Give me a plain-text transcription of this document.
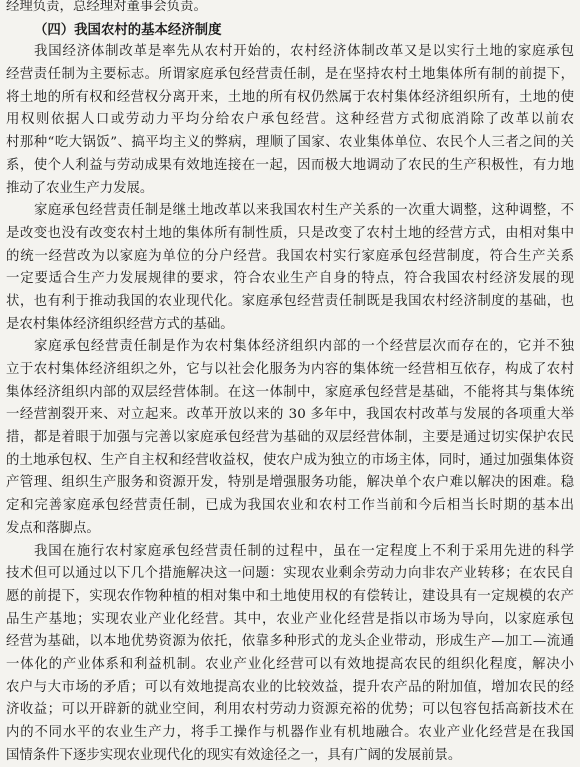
经理负责，总经理对董事会负责。
（四）我国农村的基本经济制度
我国经济体制改革是率先从农村开始的，农村经济体制改革又是以实行土地的家庭承包
经营责任制为主要标志。所谓家庭承包经营责任制，是在坚持农村土地集体所有制的前提下，
将土地的所有权和经营权分离开来，土地的所有权仍然属于农村集体经济组织所有，土地的使
用权则依据人口或劳动力平均分给农户承包经营。这种经营方式彻底消除了改革以前农
村那种“吃大锅饭”、搞平均主义的弊病，理顺了国家、农业集体单位、农民个人三者之间的关
系，使个人利益与劳动成果有效地连接在一起，因而极大地调动了农民的生产积极性，有力地
推动了农业生产力发展。
家庭承包经营责任制是继土地改革以来我国农村生产关系的一次重大调整，这种调整，不
是改变也没有改变农村土地的集体所有制性质，只是改变了农村土地的经营方式，由相对集中
的统一经营改为以家庭为单位的分户经营。我国农村实行家庭承包经营制度，符合生产关系
一定要适合生产力发展规律的要求，符合农业生产自身的特点，符合我国农村经济发展的现
状，也有利于推动我国的农业现代化。家庭承包经营责任制既是我国农村经济制度的基础，也
是农村集体经济组织经营方式的基础。
家庭承包经营责任制是作为农村集体经济组织内部的一个经营层次而存在的，它并不独
立于农村集体经济组织之外，它与以社会化服务为内容的集体统一经营相互依存，构成了农村
集体经济组织内部的双层经营体制。在这一体制中，家庭承包经营是基础，不能将其与集体统
一经营割裂开来、对立起来。改革开放以来的 30 多年中，我国农村改革与发展的各项重大举
措，都是着眼于加强与完善以家庭承包经营为基础的双层经营体制，主要是通过切实保护农民
的土地承包权、生产自主权和经营收益权，使农户成为独立的市场主体，同时，通过加强集体资
产管理、组织生产服务和资源开发，特别是增强服务功能，解决单个农户难以解决的困难。稳
定和完善家庭承包经营责任制，已成为我国农业和农村工作当前和今后相当长时期的基本出
发点和落脚点。
我国在施行农村家庭承包经营责任制的过程中，虽在一定程度上不利于采用先进的科学
技术但可以通过以下几个措施解决这一问题：实现农业剩余劳动力向非农产业转移；在农民自
愿的前提下，实现农作物种植的相对集中和土地使用权的有偿转让，建设具有一定规模的农产
品生产基地；实现农业产业化经营。其中，农业产业化经营是指以市场为导向，以家庭承包
经营为基础，以本地优势资源为依托，依靠多种形式的龙头企业带动，形成生产—加工—流通
一体化的产业体系和利益机制。农业产业化经营可以有效地提高农民的组织化程度，解决小
农户与大市场的矛盾；可以有效地提高农业的比较效益，提升农产品的附加值，增加农民的经
济收益；可以开辟新的就业空间，利用农村劳动力资源充裕的优势；可以包容包括高新技术在
内的不同水平的农业生产力，将手工操作与机器作业有机地融合。农业产业化经营是在我国
国情条件下逐步实现农业现代化的现实有效途径之一，具有广阔的发展前景。
